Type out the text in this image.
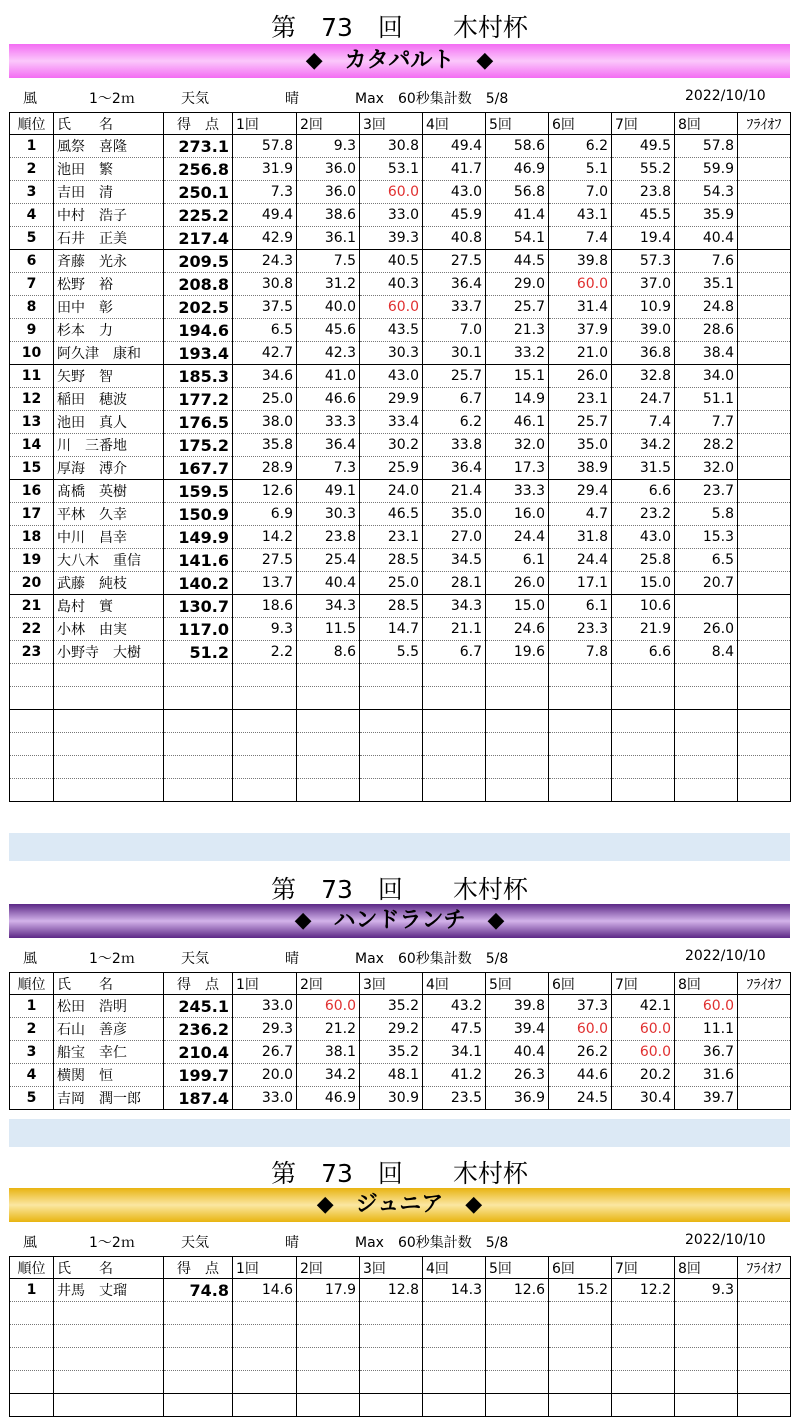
第　73　回　　木村杯
◆　カタパルト　◆
風	1～2ｍ	天気	晴	Max　60秒集計数　5/8	2022/10/10
順位	氏　　名	得　点	1回	2回	3回	4回	5回	6回	7回	8回	ﾌﾗｲｵﾌ
1	風祭　喜隆	273.1	57.8	9.3	30.8	49.4	58.6	6.2	49.5	57.8	
2	池田　繁	256.8	31.9	36.0	53.1	41.7	46.9	5.1	55.2	59.9	
3	吉田　清	250.1	7.3	36.0	60.0	43.0	56.8	7.0	23.8	54.3	
4	中村　浩子	225.2	49.4	38.6	33.0	45.9	41.4	43.1	45.5	35.9	
5	石井　正美	217.4	42.9	36.1	39.3	40.8	54.1	7.4	19.4	40.4	
6	斉藤　光永	209.5	24.3	7.5	40.5	27.5	44.5	39.8	57.3	7.6	
7	松野　裕	208.8	30.8	31.2	40.3	36.4	29.0	60.0	37.0	35.1	
8	田中　彰	202.5	37.5	40.0	60.0	33.7	25.7	31.4	10.9	24.8	
9	杉本　力	194.6	6.5	45.6	43.5	7.0	21.3	37.9	39.0	28.6	
10	阿久津　康和	193.4	42.7	42.3	30.3	30.1	33.2	21.0	36.8	38.4	
11	矢野　智	185.3	34.6	41.0	43.0	25.7	15.1	26.0	32.8	34.0	
12	稲田　穂波	177.2	25.0	46.6	29.9	6.7	14.9	23.1	24.7	51.1	
13	池田　真人	176.5	38.0	33.3	33.4	6.2	46.1	25.7	7.4	7.7	
14	川　三番地	175.2	35.8	36.4	30.2	33.8	32.0	35.0	34.2	28.2	
15	厚海　溥介	167.7	28.9	7.3	25.9	36.4	17.3	38.9	31.5	32.0	
16	髙橋　英樹	159.5	12.6	49.1	24.0	21.4	33.3	29.4	6.6	23.7	
17	平林　久幸	150.9	6.9	30.3	46.5	35.0	16.0	4.7	23.2	5.8	
18	中川　昌幸	149.9	14.2	23.8	23.1	27.0	24.4	31.8	43.0	15.3	
19	大八木　重信	141.6	27.5	25.4	28.5	34.5	6.1	24.4	25.8	6.5	
20	武藤　純枝	140.2	13.7	40.4	25.0	28.1	26.0	17.1	15.0	20.7	
21	島村　實	130.7	18.6	34.3	28.5	34.3	15.0	6.1	10.6		
22	小林　由実	117.0	9.3	11.5	14.7	21.1	24.6	23.3	21.9	26.0	
23	小野寺　大樹	51.2	2.2	8.6	5.5	6.7	19.6	7.8	6.6	8.4	

第　73　回　　木村杯
◆　ハンドランチ　◆
風	1～2ｍ	天気	晴	Max　60秒集計数　5/8	2022/10/10
順位	氏　　名	得　点	1回	2回	3回	4回	5回	6回	7回	8回	ﾌﾗｲｵﾌ
1	松田　浩明	245.1	33.0	60.0	35.2	43.2	39.8	37.3	42.1	60.0	
2	石山　善彦	236.2	29.3	21.2	29.2	47.5	39.4	60.0	60.0	11.1	
3	船宝　幸仁	210.4	26.7	38.1	35.2	34.1	40.4	26.2	60.0	36.7	
4	横関　恒	199.7	20.0	34.2	48.1	41.2	26.3	44.6	20.2	31.6	
5	吉岡　潤一郎	187.4	33.0	46.9	30.9	23.5	36.9	24.5	30.4	39.7	
第　73　回　　木村杯
◆　ジュニア　◆
風	1～2ｍ	天気	晴	Max　60秒集計数　5/8	2022/10/10
順位	氏　　名	得　点	1回	2回	3回	4回	5回	6回	7回	8回	ﾌﾗｲｵﾌ
1	井馬　丈瑠	74.8	14.6	17.9	12.8	14.3	12.6	15.2	12.2	9.3	
